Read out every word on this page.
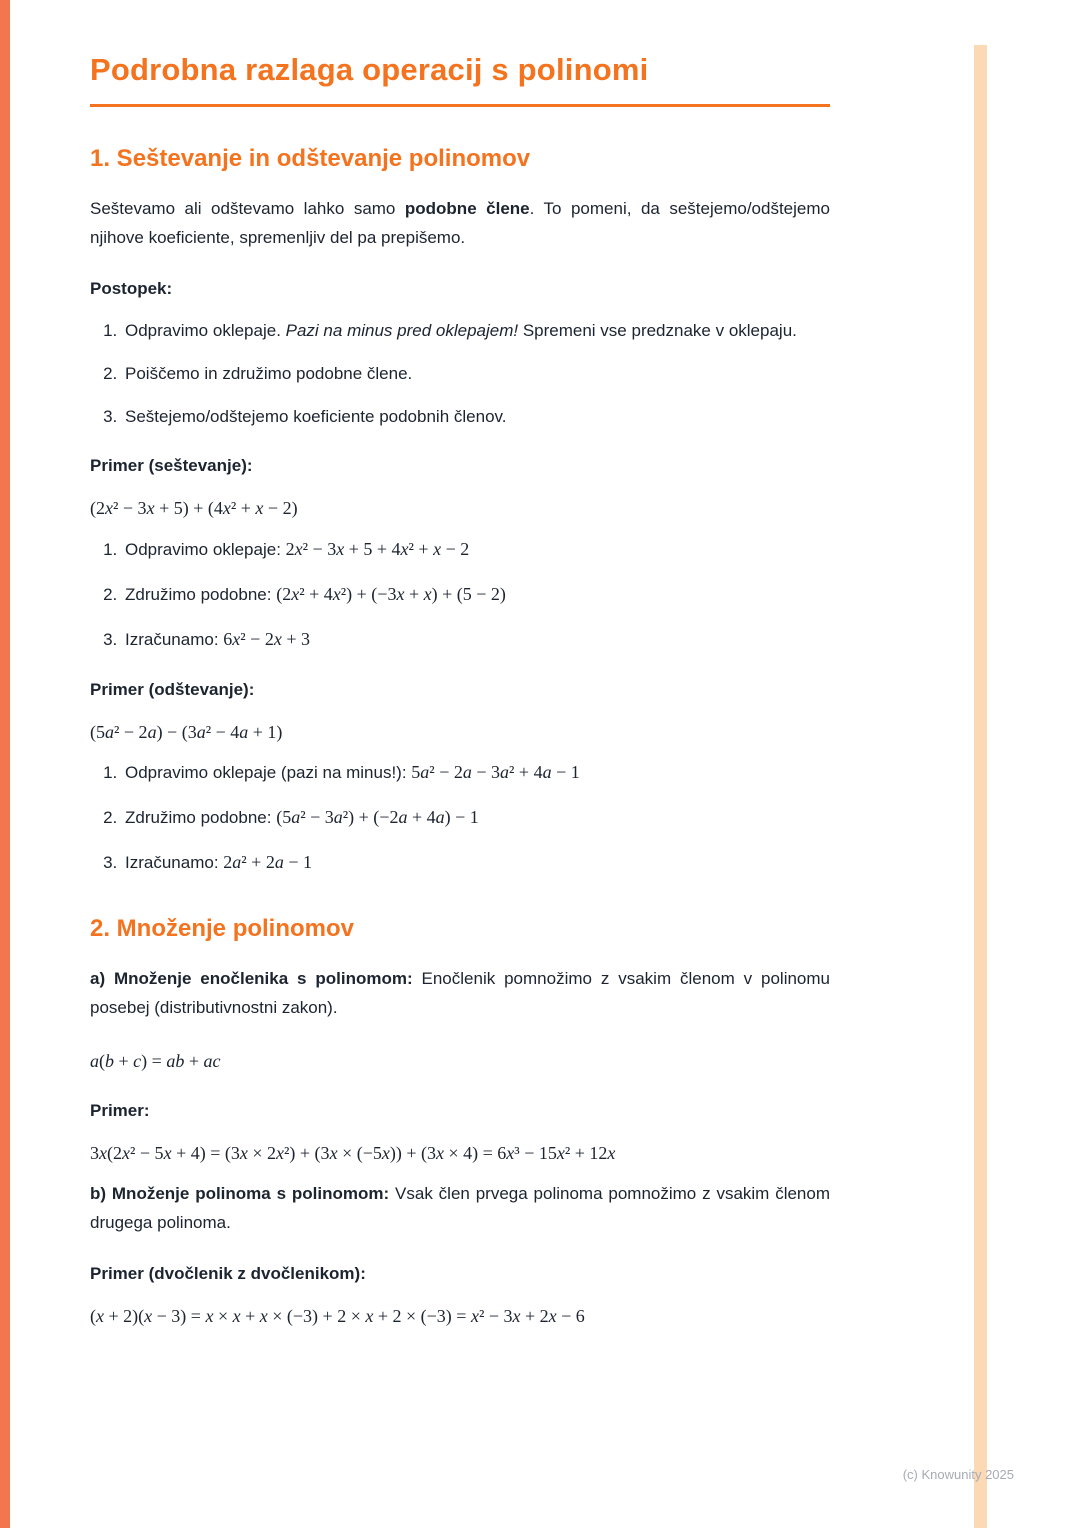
Podrobna razlaga operacij s polinomi
1. Seštevanje in odštevanje polinomov

Seštevamo ali odštevamo lahko samo podobne člene. To pomeni, da seštejemo/odštejemo njihove koeficiente, spremenljiv del pa prepišemo.

Postopek:

1. Odpravimo oklepaje. Pazi na minus pred oklepajem! Spremeni vse predznake v oklepaju.
2. Poiščemo in združimo podobne člene.
3. Seštejemo/odštejemo koeficiente podobnih členov.

Primer (seštevanje):

(2x² − 3x + 5) + (4x² + x − 2)
1. Odpravimo oklepaje: 2x² − 3x + 5 + 4x² + x − 2
2. Združimo podobne: (2x² + 4x²) + (−3x + x) + (5 − 2)
3. Izračunamo: 6x² − 2x + 3

Primer (odštevanje):

(5a² − 2a) − (3a² − 4a + 1)
1. Odpravimo oklepaje (pazi na minus!): 5a² − 2a − 3a² + 4a − 1
2. Združimo podobne: (5a² − 3a²) + (−2a + 4a) − 1
3. Izračunamo: 2a² + 2a − 1
2. Množenje polinomov

a) Množenje enočlenika s polinomom: Enočlenik pomnožimo z vsakim členom v polinomu posebej (distributivnostni zakon).

a(b + c) = ab + ac

Primer:

3x(2x² − 5x + 4) = (3x × 2x²) + (3x × (−5x)) + (3x × 4) = 6x³ − 15x² + 12x

b) Množenje polinoma s polinomom: Vsak člen prvega polinoma pomnožimo z vsakim členom drugega polinoma.

Primer (dvočlenik z dvočlenikom):

(x + 2)(x − 3) = x × x + x × (−3) + 2 × x + 2 × (−3) = x² − 3x + 2x − 6
(c) Knowunity 2025
